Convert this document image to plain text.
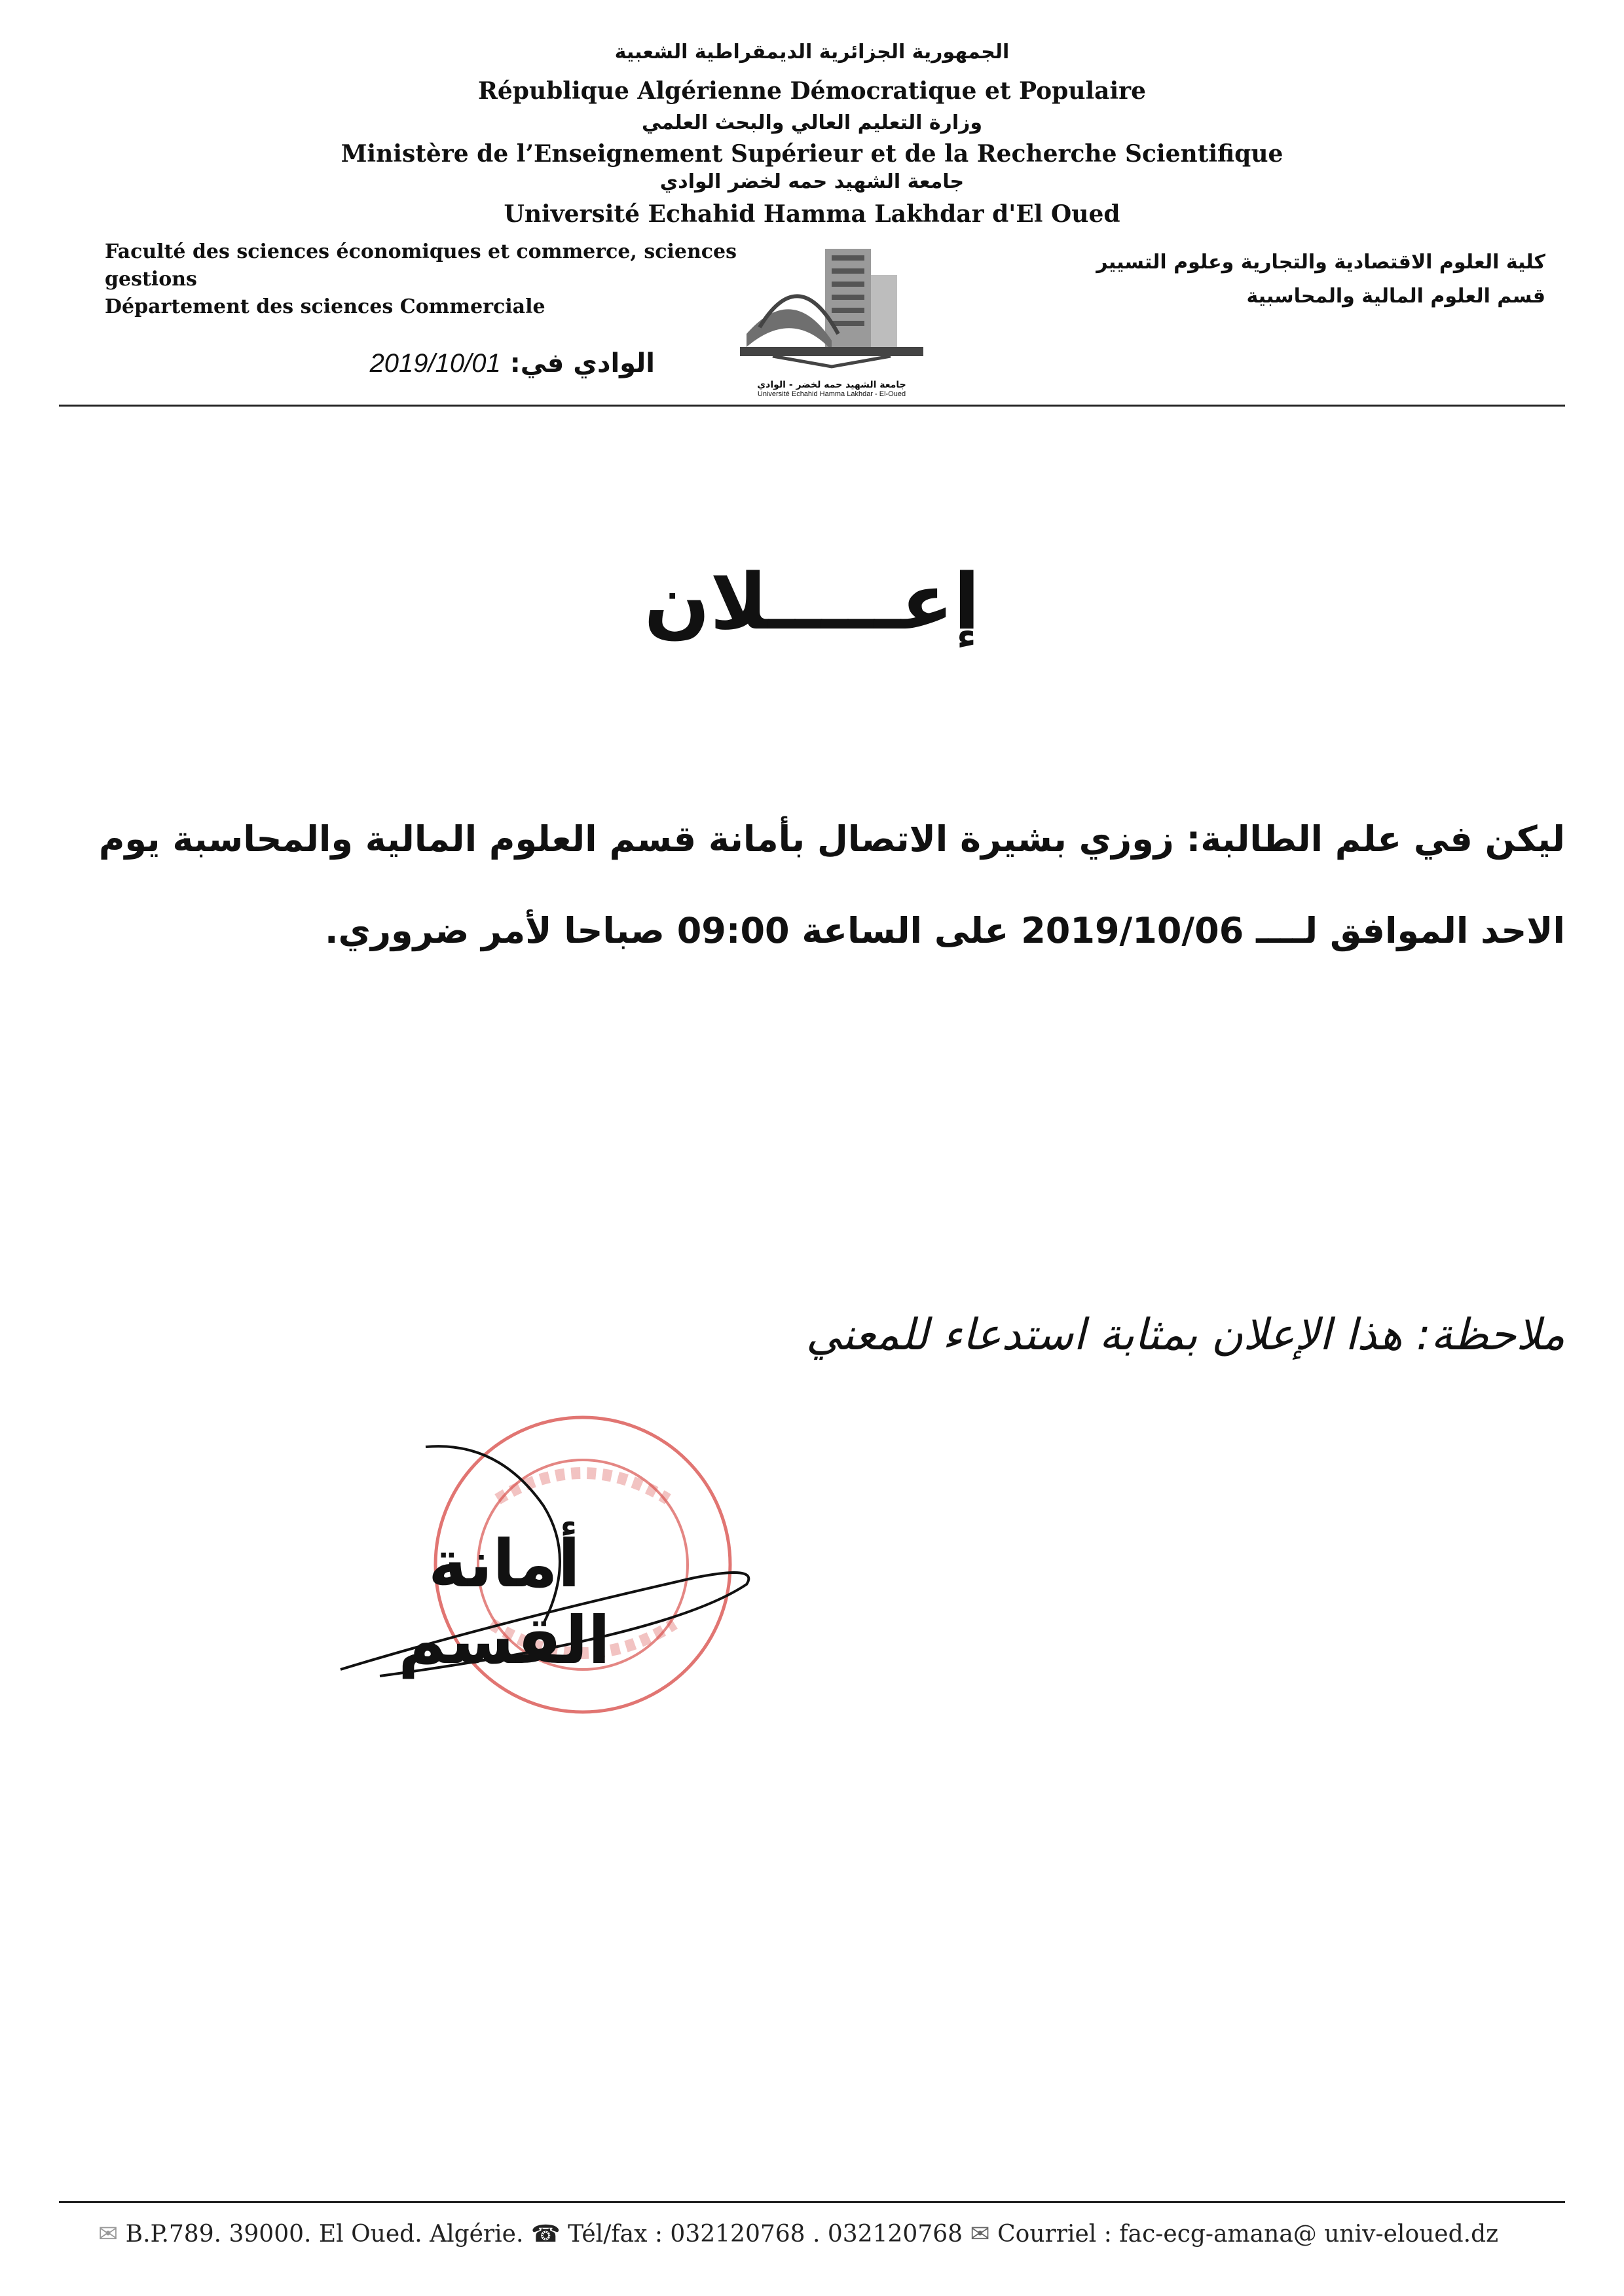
الجمهورية الجزائرية الديمقراطية الشعبية
République Algérienne Démocratique et Populaire
وزارة التعليم العالي والبحث العلمي
Ministère de l’Enseignement Supérieur et de la Recherche Scientifique
جامعة الشهيد حمه لخضر الوادي
Université Echahid Hamma Lakhdar d'El Oued
Faculté des sciences économiques et commerce, sciences
gestions
Département des sciences Commerciale
كلية العلوم الاقتصادية والتجارية وعلوم التسيير
قسم العلوم المالية والمحاسبية
جامعة الشهيد حمه لخضر - الوادي
Université Echahid Hamma Lakhdar - El-Oued
الوادي في: 2019/10/01
إعـــــلان
ليكن في علم الطالبة: زوزي بشيرة الاتصال بأمانة قسم العلوم المالية والمحاسبة يوم
الاحد الموافق لــــ 2019/10/06 على الساعة 09:00 صباحا لأمر ضروري.
ملاحظة: هذا الإعلان بمثابة استدعاء للمعني
أمانة القسم
✉ B.P.789. 39000. El Oued. Algérie. ☎ Tél/fax : 032120768 . 032120768 ✉ Courriel : fac-ecg-amana@ univ-eloued.dz
